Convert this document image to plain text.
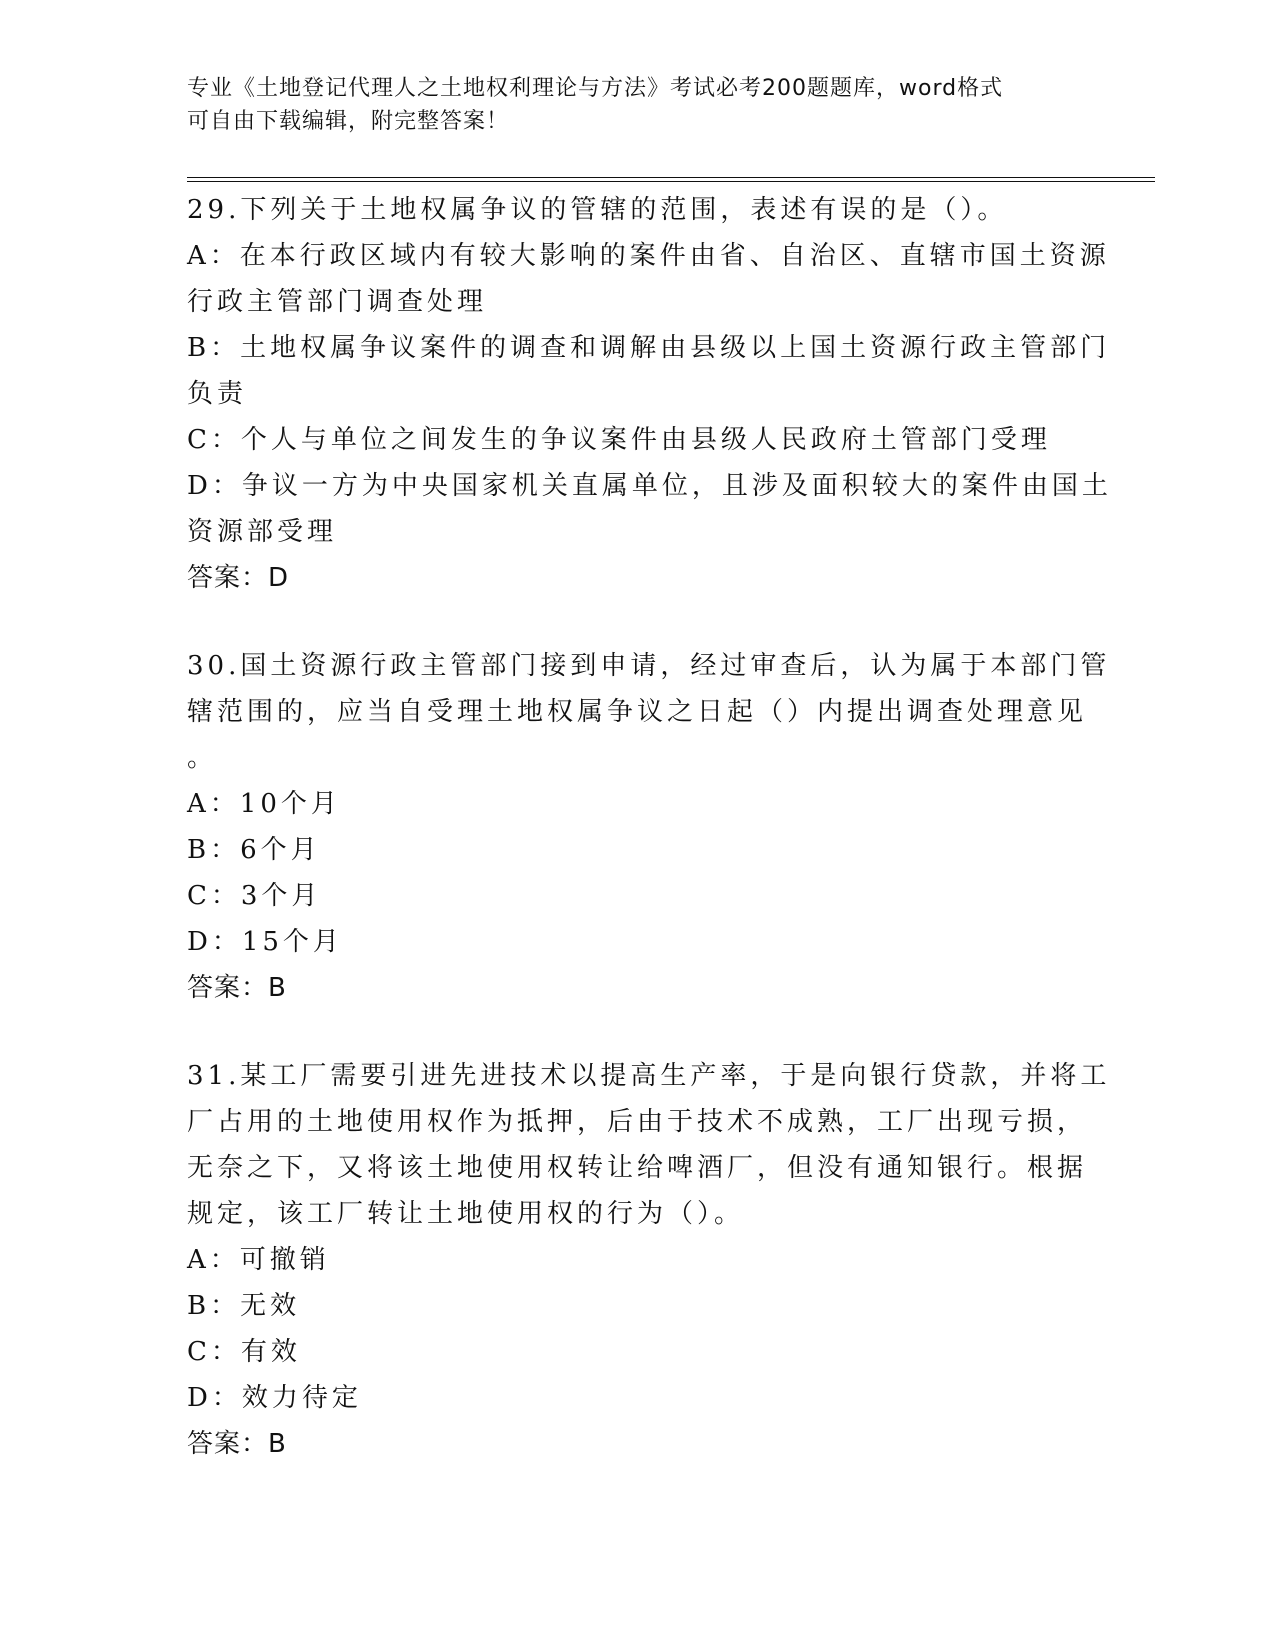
专业《土地登记代理人之土地权利理论与方法》考试必考200题题库，word格式
可自由下载编辑，附完整答案！
29.下列关于土地权属争议的管辖的范围，表述有误的是（）。
A：在本行政区域内有较大影响的案件由省、自治区、直辖市国土资源
行政主管部门调查处理
B：土地权属争议案件的调查和调解由县级以上国土资源行政主管部门
负责
C：个人与单位之间发生的争议案件由县级人民政府土管部门受理
D：争议一方为中央国家机关直属单位，且涉及面积较大的案件由国土
资源部受理
答案：D
30.国土资源行政主管部门接到申请，经过审查后，认为属于本部门管
辖范围的，应当自受理土地权属争议之日起（）内提出调查处理意见
。
A：10个月
B：6个月
C：3个月
D：15个月
答案：B
31.某工厂需要引进先进技术以提高生产率，于是向银行贷款，并将工
厂占用的土地使用权作为抵押，后由于技术不成熟，工厂出现亏损，
无奈之下，又将该土地使用权转让给啤酒厂，但没有通知银行。根据
规定，该工厂转让土地使用权的行为（）。
A：可撤销
B：无效
C：有效
D：效力待定
答案：B
